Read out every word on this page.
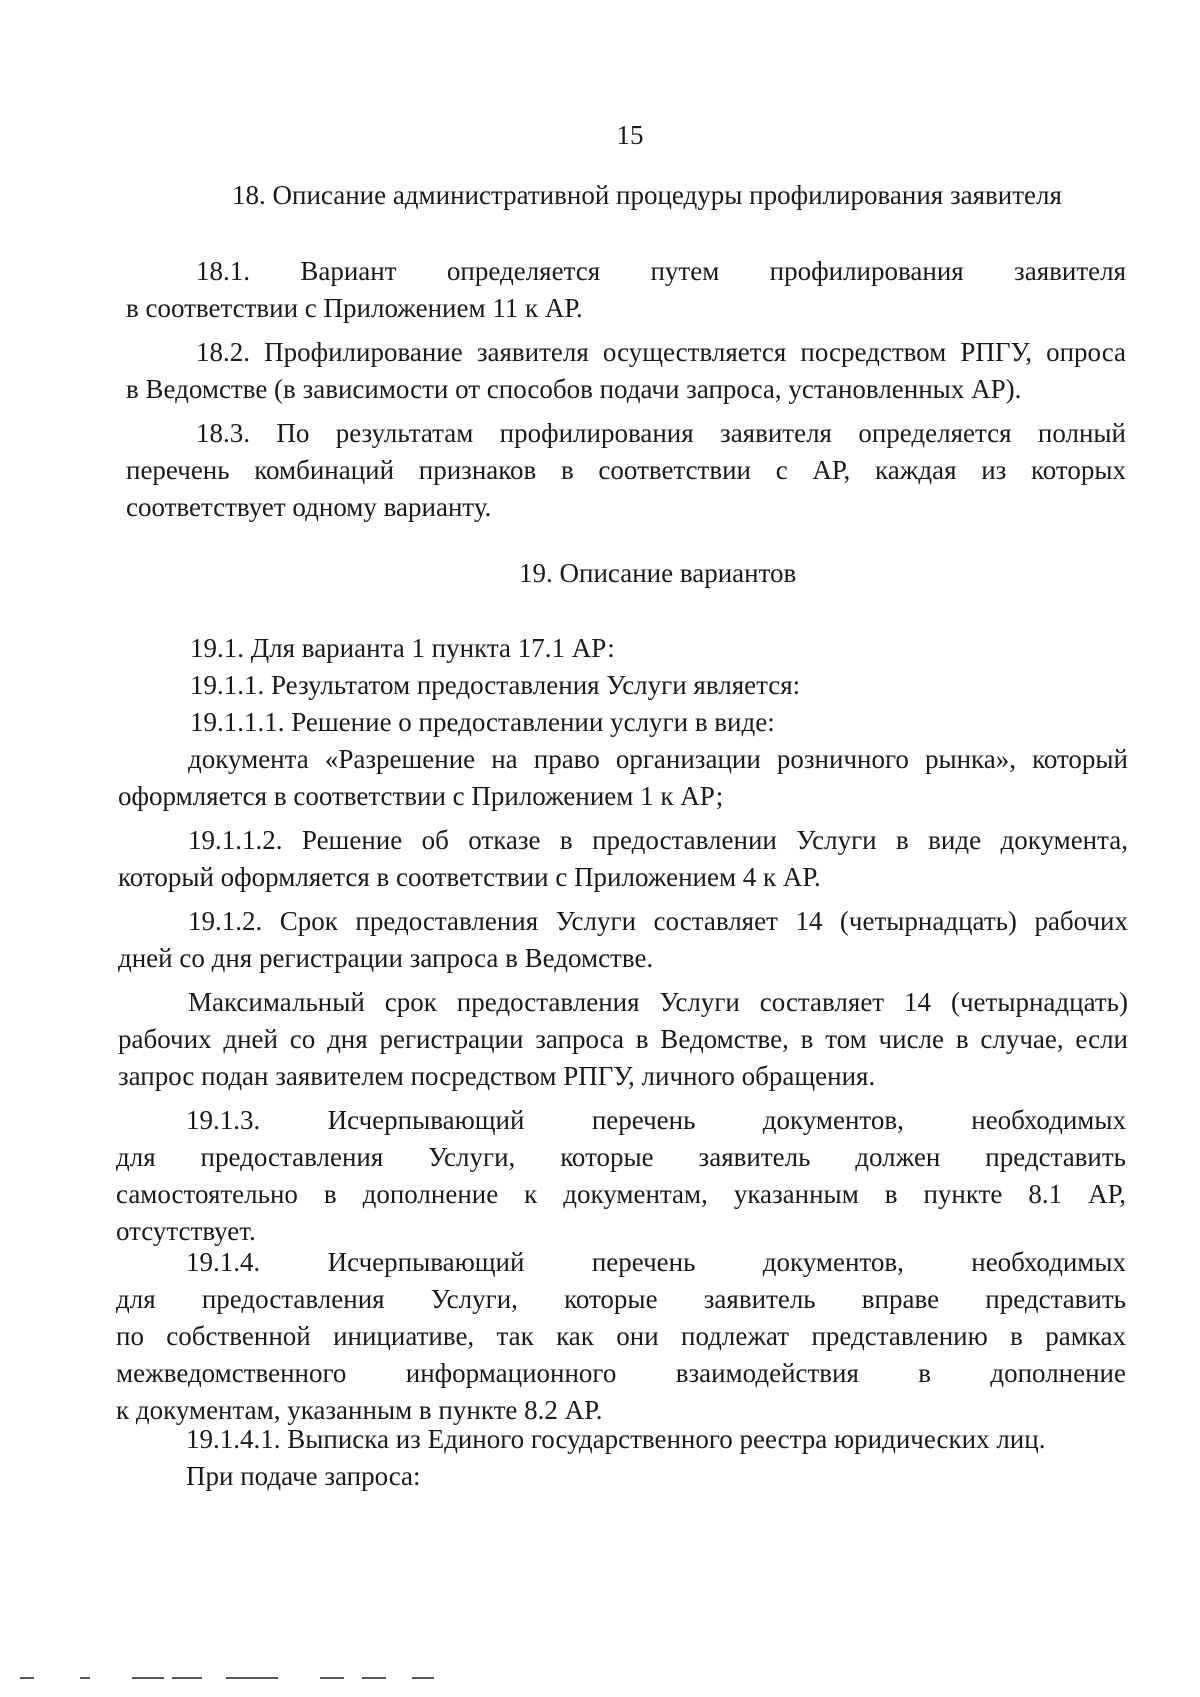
15
18. Описание административной процедуры профилирования заявителя
18.1. Вариант определяется путем профилирования заявителя
в соответствии с Приложением 11 к АР.
18.2. Профилирование заявителя осуществляется посредством РПГУ, опроса
в Ведомстве (в зависимости от способов подачи запроса, установленных АР).
18.3. По результатам профилирования заявителя определяется полный
перечень комбинаций признаков в соответствии с АР, каждая из которых
соответствует одному варианту.
19. Описание вариантов
19.1. Для варианта 1 пункта 17.1 АР:
19.1.1. Результатом предоставления Услуги является:
19.1.1.1. Решение о предоставлении услуги в виде:
документа «Разрешение на право организации розничного рынка», который
оформляется в соответствии с Приложением 1 к АР;
19.1.1.2. Решение об отказе в предоставлении Услуги в виде документа,
который оформляется в соответствии с Приложением 4 к АР.
19.1.2. Срок предоставления Услуги составляет 14 (четырнадцать) рабочих
дней со дня регистрации запроса в Ведомстве.
Максимальный срок предоставления Услуги составляет 14 (четырнадцать)
рабочих дней со дня регистрации запроса в Ведомстве, в том числе в случае, если
запрос подан заявителем посредством РПГУ, личного обращения.
19.1.3. Исчерпывающий перечень документов, необходимых
для предоставления Услуги, которые заявитель должен представить
самостоятельно в дополнение к документам, указанным в пункте 8.1 АР,
отсутствует.
19.1.4. Исчерпывающий перечень документов, необходимых
для предоставления Услуги, которые заявитель вправе представить
по собственной инициативе, так как они подлежат представлению в рамках
межведомственного информационного взаимодействия в дополнение
к документам, указанным в пункте 8.2 АР.
19.1.4.1. Выписка из Единого государственного реестра юридических лиц.
При подаче запроса:
